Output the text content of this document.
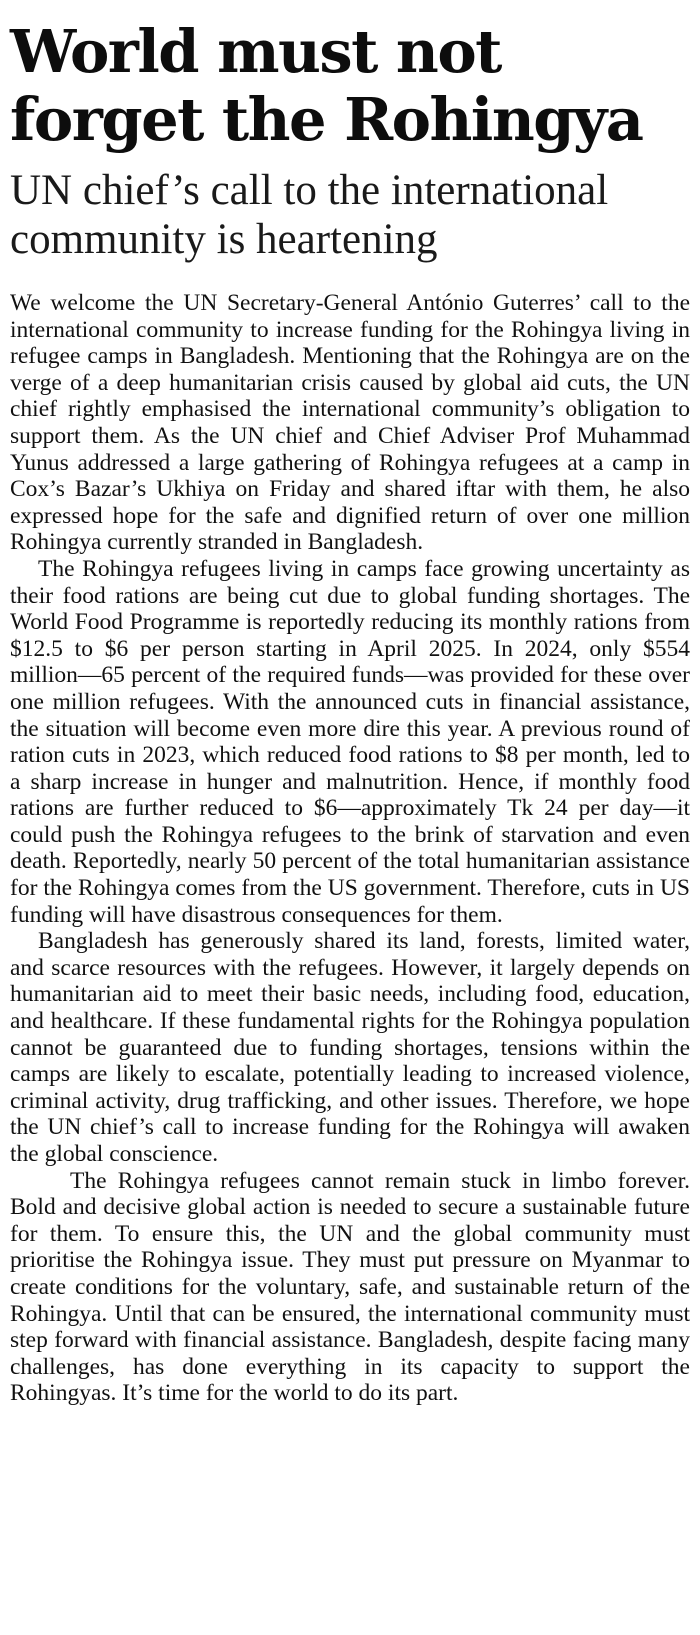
World must not forget the Rohingya
UN chief’s call to the international community is heartening

We welcome the UN Secretary-General António Guterres’ call to the international community to increase funding for the Rohingya living in refugee camps in Bangladesh. Mentioning that the Rohingya are on the verge of a deep humanitarian crisis caused by global aid cuts, the UN chief rightly emphasised the international community’s obligation to support them. As the UN chief and Chief Adviser Prof Muhammad Yunus addressed a large gathering of Rohingya refugees at a camp in Cox’s Bazar’s Ukhiya on Friday and shared iftar with them, he also expressed hope for the safe and dignified return of over one million Rohingya currently stranded in Bangladesh.

The Rohingya refugees living in camps face growing uncertainty as their food rations are being cut due to global funding shortages. The World Food Programme is reportedly reducing its monthly rations from $12.5 to $6 per person starting in April 2025. In 2024, only $554 million—65 percent of the required funds—was provided for these over one million refugees. With the announced cuts in financial assistance, the situation will become even more dire this year. A previous round of ration cuts in 2023, which reduced food rations to $8 per month, led to a sharp increase in hunger and malnutrition. Hence, if monthly food rations are further reduced to $6—approximately Tk 24 per day—it could push the Rohingya refugees to the brink of starvation and even death. Reportedly, nearly 50 percent of the total humanitarian assistance for the Rohingya comes from the US government. Therefore, cuts in US funding will have disastrous consequences for them.

Bangladesh has generously shared its land, forests, limited water, and scarce resources with the refugees. However, it largely depends on humanitarian aid to meet their basic needs, including food, education, and healthcare. If these fundamental rights for the Rohingya population cannot be guaranteed due to funding shortages, tensions within the camps are likely to escalate, potentially leading to increased violence, criminal activity, drug trafficking, and other issues. Therefore, we hope the UN chief’s call to increase funding for the Rohingya will awaken the global conscience.

The Rohingya refugees cannot remain stuck in limbo forever. Bold and decisive global action is needed to secure a sustainable future for them. To ensure this, the UN and the global community must prioritise the Rohingya issue. They must put pressure on Myanmar to create conditions for the voluntary, safe, and sustainable return of the Rohingya. Until that can be ensured, the international community must step forward with financial assistance. Bangladesh, despite facing many challenges, has done everything in its capacity to support the Rohingyas. It’s time for the world to do its part.
